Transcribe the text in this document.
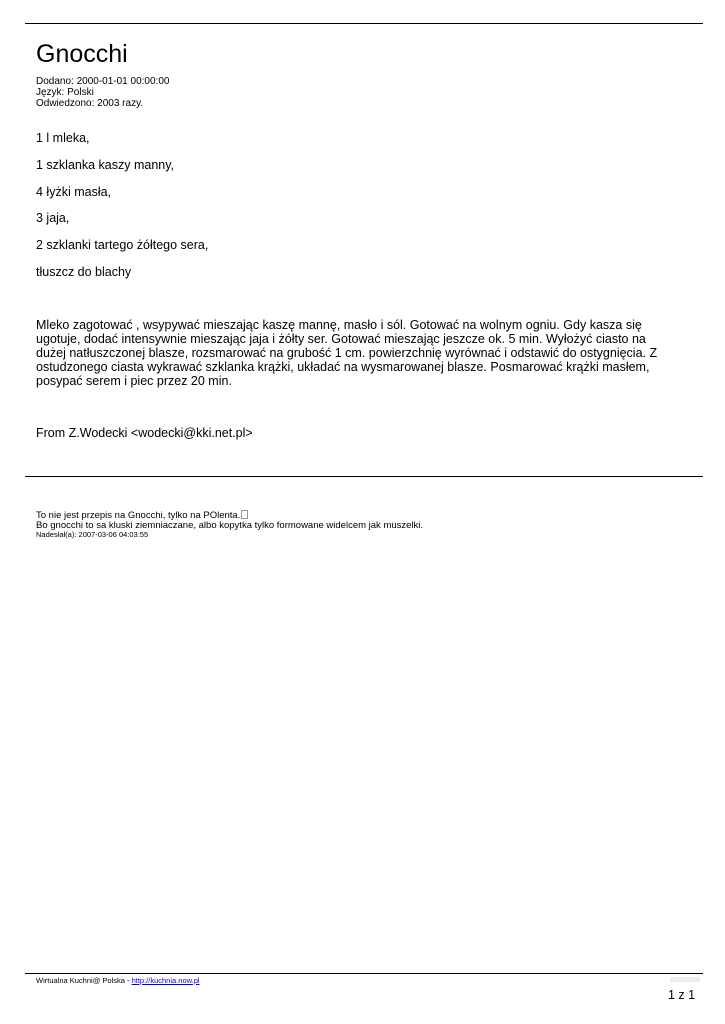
Gnocchi
Dodano: 2000-01-01 00:00:00
Język: Polski
Odwiedzono: 2003 razy.
1 l mleka,
1 szklanka kaszy manny,
4 łyżki masła,
3 jaja,
2 szklanki tartego żółtego sera,
tłuszcz do blachy
Mleko zagotować , wsypywać mieszając kaszę mannę, masło i sól. Gotować na wolnym ogniu. Gdy kasza się ugotuje, dodać intensywnie mieszając jaja i żółty ser. Gotować mieszając jeszcze ok. 5 min. Wyłożyć ciasto na dużej natłuszczonej blasze, rozsmarować na grubość 1 cm. powierzchnię wyrównać i odstawić do ostygnięcia. Z ostudzonego ciasta wykrawać szklanka krążki, układać na wysmarowanej blasze. Posmarować krążki masłem, posypać serem i piec przez 20 min.
From Z.Wodecki <wodecki@kki.net.pl>
To nie jest przepis na Gnocchi, tylko na POlenta.
Bo gnocchi to sa kluski ziemniaczane, albo kopytka tylko formowane widelcem jak muszelki.
Nadesłał(a): 2007-03-06 04:03:55
Wirtualna Kuchni@ Polska - http://kuchnia.now.pl
1 z 1
